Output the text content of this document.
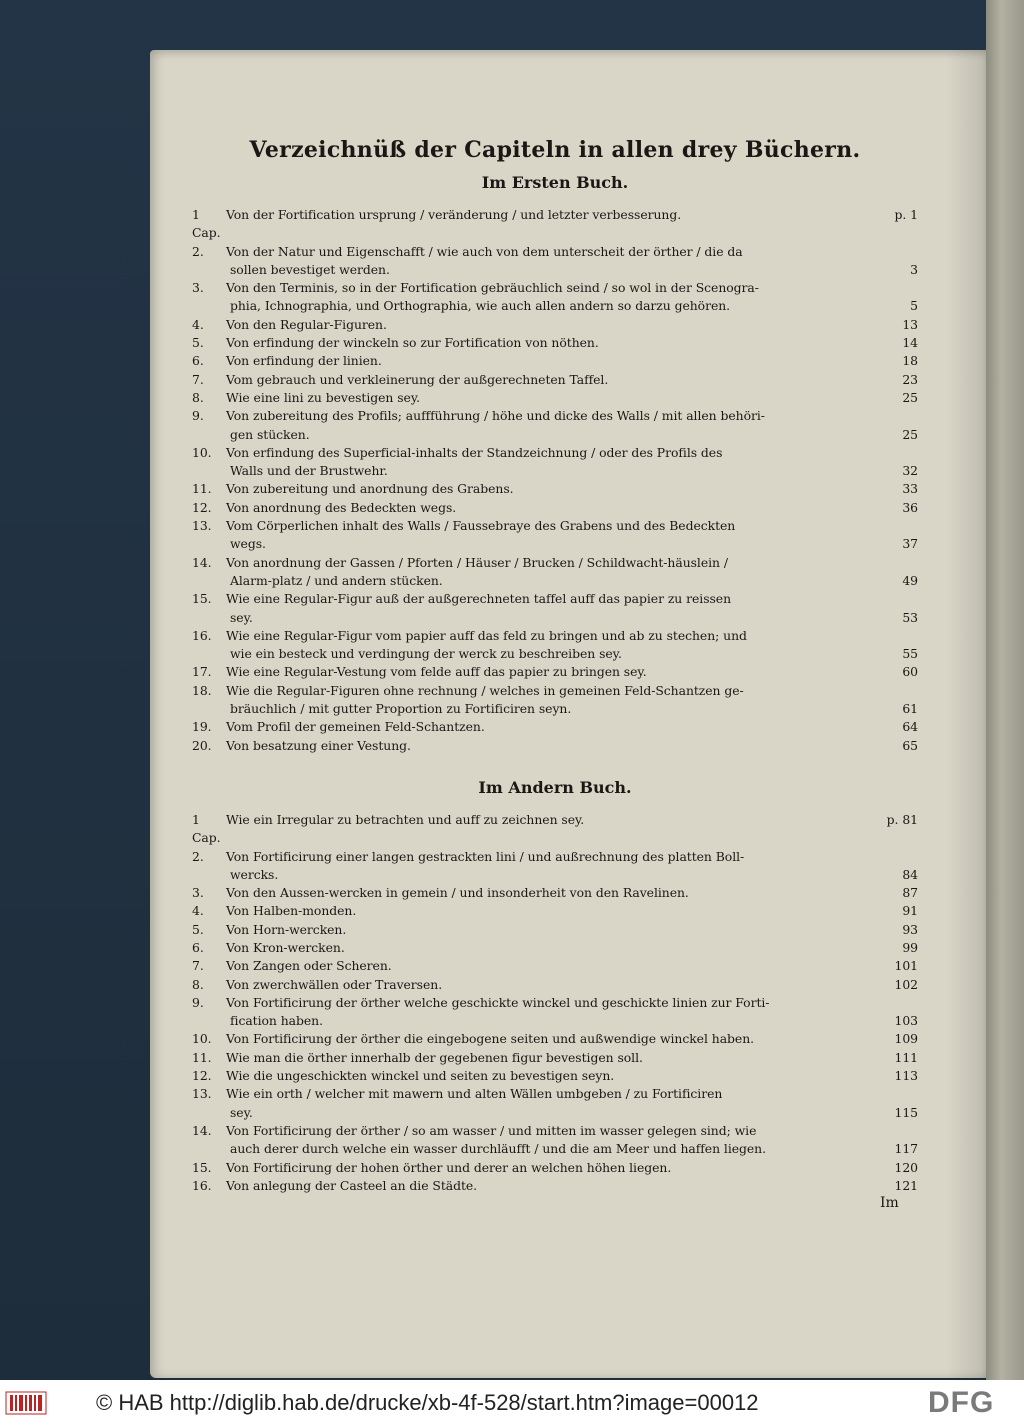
Verzeichnüß der Capiteln in allen drey Büchern.
Im Ersten Buch.
1 Cap.
Von der Fortification ursprung / veränderung / und letzter verbesserung.	p. 1
2.	Von der Natur und Eigenschafft / wie auch von dem unterscheit der örther / die da
sollen bevestiget werden.	3
3.	Von den Terminis, so in der Fortification gebräuchlich seind / so wol in der Scenogra-
phia, Ichnographia, und Orthographia, wie auch allen andern so darzu gehören.	5
4.	Von den Regular-Figuren.	13
5.	Von erfindung der winckeln so zur Fortification von nöthen.	14
6.	Von erfindung der linien.	18
7.	Vom gebrauch und verkleinerung der außgerechneten Taffel.	23
8.	Wie eine lini zu bevestigen sey.	25
9.	Von zubereitung des Profils; auffführung / höhe und dicke des Walls / mit allen behöri-
gen stücken.	25
10.	Von erfindung des Superficial-inhalts der Standzeichnung / oder des Profils des
Walls und der Brustwehr.	32
11.	Von zubereitung und anordnung des Grabens.	33
12.	Von anordnung des Bedeckten wegs.	36
13.	Vom Cörperlichen inhalt des Walls / Faussebraye des Grabens und des Bedeckten
wegs.	37
14.	Von anordnung der Gassen / Pforten / Häuser / Brucken / Schildwacht-häuslein /
Alarm-platz / und andern stücken.	49
15.	Wie eine Regular-Figur auß der außgerechneten taffel auff das papier zu reissen
sey.	53
16.	Wie eine Regular-Figur vom papier auff das feld zu bringen und ab zu stechen; und
wie ein besteck und verdingung der werck zu beschreiben sey.	55
17.	Wie eine Regular-Vestung vom felde auff das papier zu bringen sey.	60
18.	Wie die Regular-Figuren ohne rechnung / welches in gemeinen Feld-Schantzen ge-
bräuchlich / mit gutter Proportion zu Fortificiren seyn.	61
19.	Vom Profil der gemeinen Feld-Schantzen.	64
20.	Von besatzung einer Vestung.	65
Im Andern Buch.
1 Cap.
Wie ein Irregular zu betrachten und auff zu zeichnen sey.	p. 81
2.	Von Fortificirung einer langen gestrackten lini / und außrechnung des platten Boll-
wercks.	84
3.	Von den Aussen-wercken in gemein / und insonderheit von den Ravelinen.	87
4.	Von Halben-monden.	91
5.	Von Horn-wercken.	93
6.	Von Kron-wercken.	99
7.	Von Zangen oder Scheren.	101
8.	Von zwerchwällen oder Traversen.	102
9.	Von Fortificirung der örther welche geschickte winckel und geschickte linien zur Forti-
fication haben.	103
10.	Von Fortificirung der örther die eingebogene seiten und außwendige winckel haben.	109
11.	Wie man die örther innerhalb der gegebenen figur bevestigen soll.	111
12.	Wie die ungeschickten winckel und seiten zu bevestigen seyn.	113
13.	Wie ein orth / welcher mit mawern und alten Wällen umbgeben / zu Fortificiren
sey.	115
14.	Von Fortificirung der örther / so am wasser / und mitten im wasser gelegen sind; wie
auch derer durch welche ein wasser durchläufft / und die am Meer und haffen liegen.	117
15.	Von Fortificirung der hohen örther und derer an welchen höhen liegen.	120
16.	Von anlegung der Casteel an die Städte.	121
Im
© HAB http://diglib.hab.de/drucke/xb-4f-528/start.htm?image=00012	DFG
